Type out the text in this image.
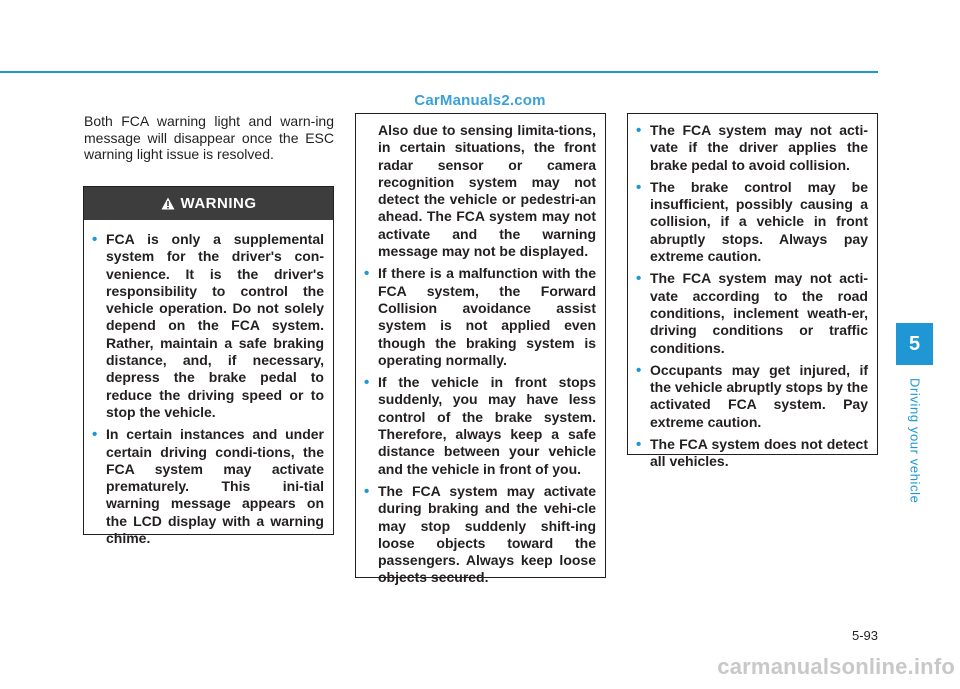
CarManuals2.com

Both FCA warning light and warn-ing message will disappear once the ESC warning light issue is resolved.

WARNING
• FCA is only a supplemental system for the driver's con-venience. It is the driver's responsibility to control the vehicle operation. Do not solely depend on the FCA system. Rather, maintain a safe braking distance, and, if necessary, depress the brake pedal to reduce the driving speed or to stop the vehicle.
• In certain instances and under certain driving condi-tions, the FCA system may activate prematurely. This ini-tial warning message appears on the LCD display with a warning chime.
Also due to sensing limita-tions, in certain situations, the front radar sensor or camera recognition system may not detect the vehicle or pedestri-an ahead. The FCA system may not activate and the warning message may not be displayed.
• If there is a malfunction with the FCA system, the Forward Collision avoidance assist system is not applied even though the braking system is operating normally.
• If the vehicle in front stops suddenly, you may have less control of the brake system. Therefore, always keep a safe distance between your vehicle and the vehicle in front of you.
• The FCA system may activate during braking and the vehi-cle may stop suddenly shift-ing loose objects toward the passengers. Always keep loose objects secured.
• The FCA system may not acti-vate if the driver applies the brake pedal to avoid collision.
• The brake control may be insufficient, possibly causing a collision, if a vehicle in front abruptly stops. Always pay extreme caution.
• The FCA system may not acti-vate according to the road conditions, inclement weath-er, driving conditions or traffic conditions.
• Occupants may get injured, if the vehicle abruptly stops by the activated FCA system. Pay extreme caution.
• The FCA system does not detect all vehicles.
5
Driving your vehicle
5-93
carmanualsonline.info
